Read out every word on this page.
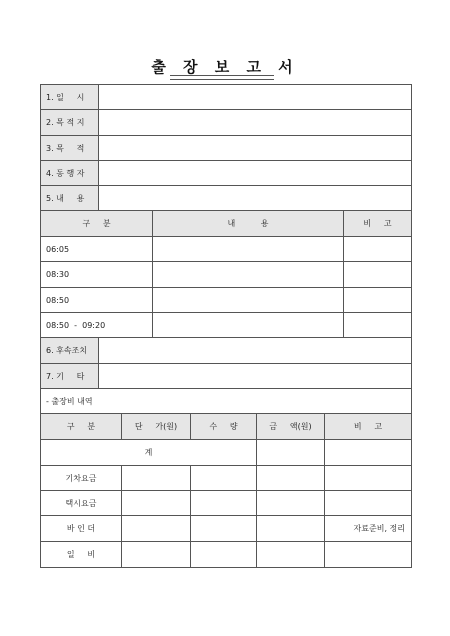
출 장 보 고 서
1. 일     시	
2. 목 적 지	
3. 목     적	
4. 동 행 자	
5. 내     용	
구     분	내          용	비     고
06:05		
08:30		
08:50		
08:50  -  09:20		
6. 후속조치	
7. 기     타	
- 출장비 내역	
구     분	단     가(원)	수     량	금     액(원)	비     고
계				
기차요금				
택시요금				
바 인 더				자료준비, 정리
일     비				
